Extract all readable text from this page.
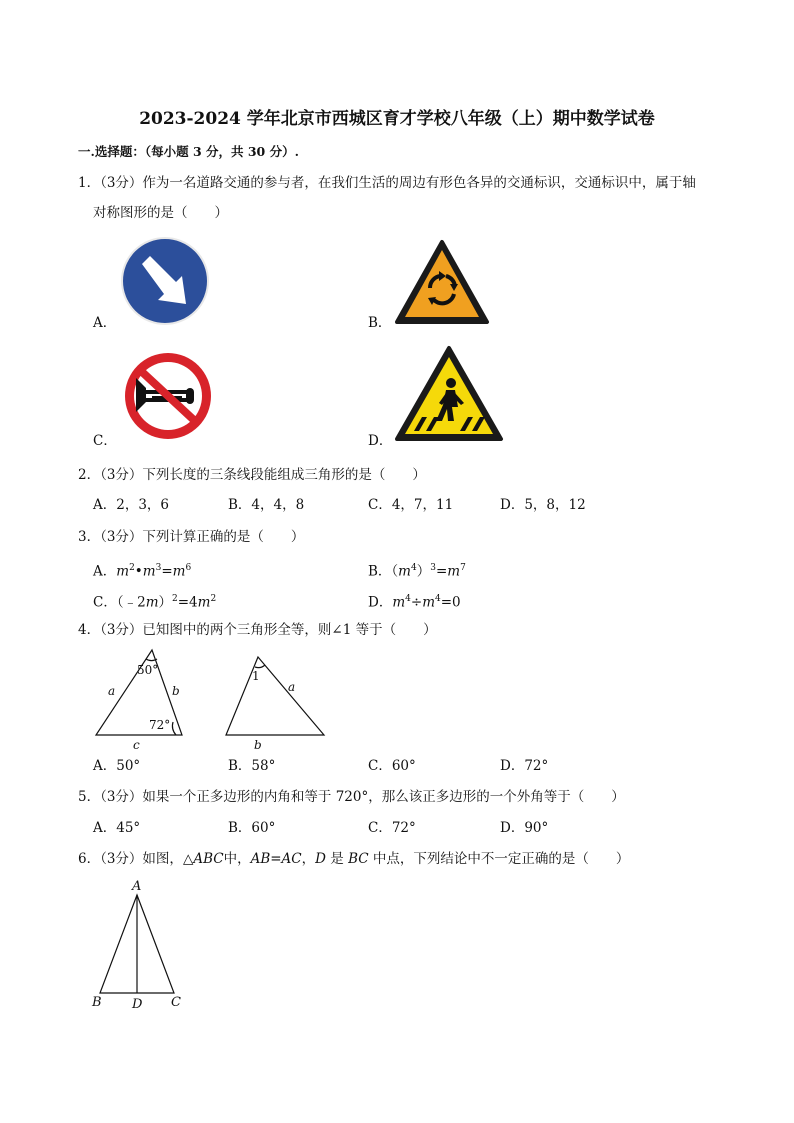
2023-2024 学年北京市西城区育才学校八年级（上）期中数学试卷
一.选择题：（每小题 3 分，共 30 分）.
1．（3分）作为一名道路交通的参与者，在我们生活的周边有形色各异的交通标识，交通标识中，属于轴
对称图形的是（　　）
A．	B．
C．	D．
2．（3分）下列长度的三条线段能组成三角形的是（　　）
A．2，3，6	B．4，4，8	C．4，7，11	D．5，8，12
3．（3分）下列计算正确的是（　　）
A．$m^2•m^3=m^6$	B．$(m^4)^3=m^7$
C．$(﹣2m)^2=4m^2$	D．$m^4\div m^4=0$
4．（3分）已知图中的两个三角形全等，则∠1 等于（　　）
50°
72°
a	b
c
1
a
b
A．50°	B．58°	C．60°	D．72°
5．（3分）如果一个正多边形的内角和等于 720°，那么该正多边形的一个外角等于（　　）
A．45°	B．60°	C．72°	D．90°
6．（3分）如图，△ABC中，AB=AC，D 是 BC 中点，下列结论中不一定正确的是（　　）
A
B D C
